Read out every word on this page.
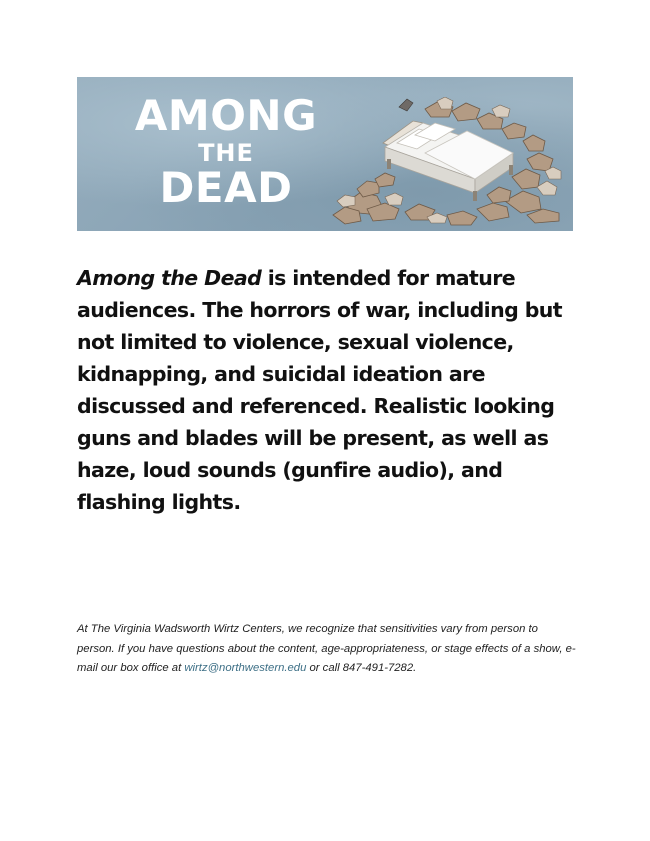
AMONG
THE
DEAD

Among the Dead is intended for mature audiences. The horrors of war, including but not limited to violence, sexual violence, kidnapping, and suicidal ideation are discussed and referenced. Realistic looking guns and blades will be present, as well as haze, loud sounds (gunfire audio), and flashing lights.

At The Virginia Wadsworth Wirtz Centers, we recognize that sensitivities vary from person to person. If you have questions about the content, age-appropriateness, or stage effects of a show, e-mail our box office at wirtz@northwestern.edu or call 847-491-7282.
